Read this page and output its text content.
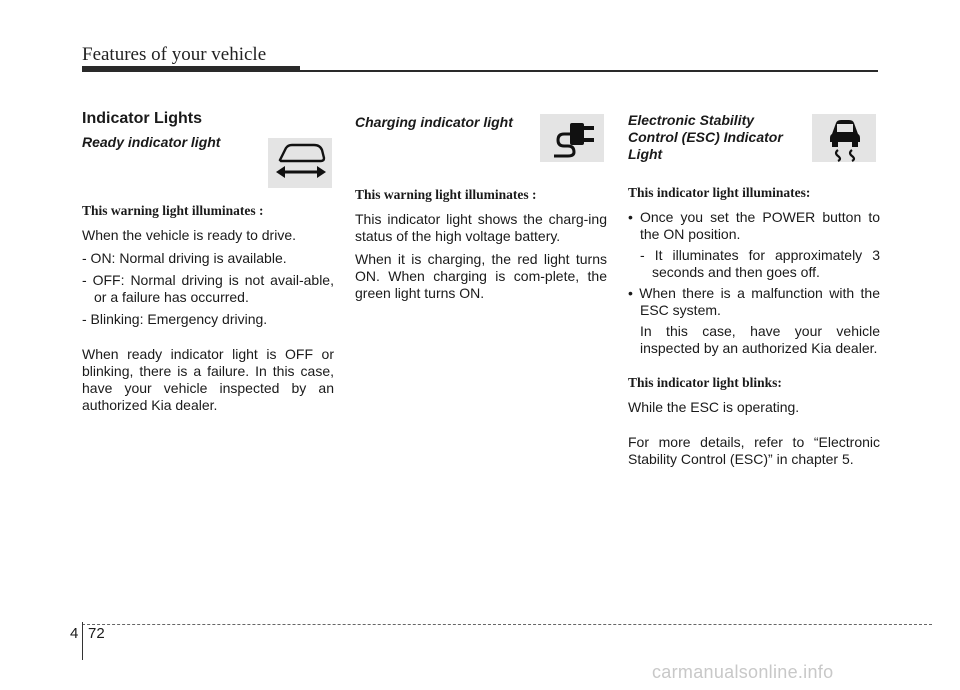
Features of your vehicle
Indicator Lights
Ready indicator light
This warning light illuminates :

When the vehicle is ready to drive.

- ON: Normal driving is available.
- OFF: Normal driving is not avail-able, or a failure has occurred.
- Blinking: Emergency driving.

When ready indicator light is OFF or blinking, there is a failure. In this case, have your vehicle inspected by an authorized Kia dealer.

Charging indicator light
This warning light illuminates :

This indicator light shows the charg-ing status of the high voltage battery.

When it is charging, the red light turns ON. When charging is com-plete, the green light turns ON.

Electronic Stability
Control (ESC) Indicator
Light
This indicator light illuminates:
• Once you set the POWER button to the ON position.
- It illuminates for approximately 3 seconds and then goes off.
• When there is a malfunction with the ESC system.
In this case, have your vehicle inspected by an authorized Kia dealer.
This indicator light blinks:

While the ESC is operating.

For more details, refer to “Electronic Stability Control (ESC)” in chapter 5.

4 72
carmanualsonline.info
